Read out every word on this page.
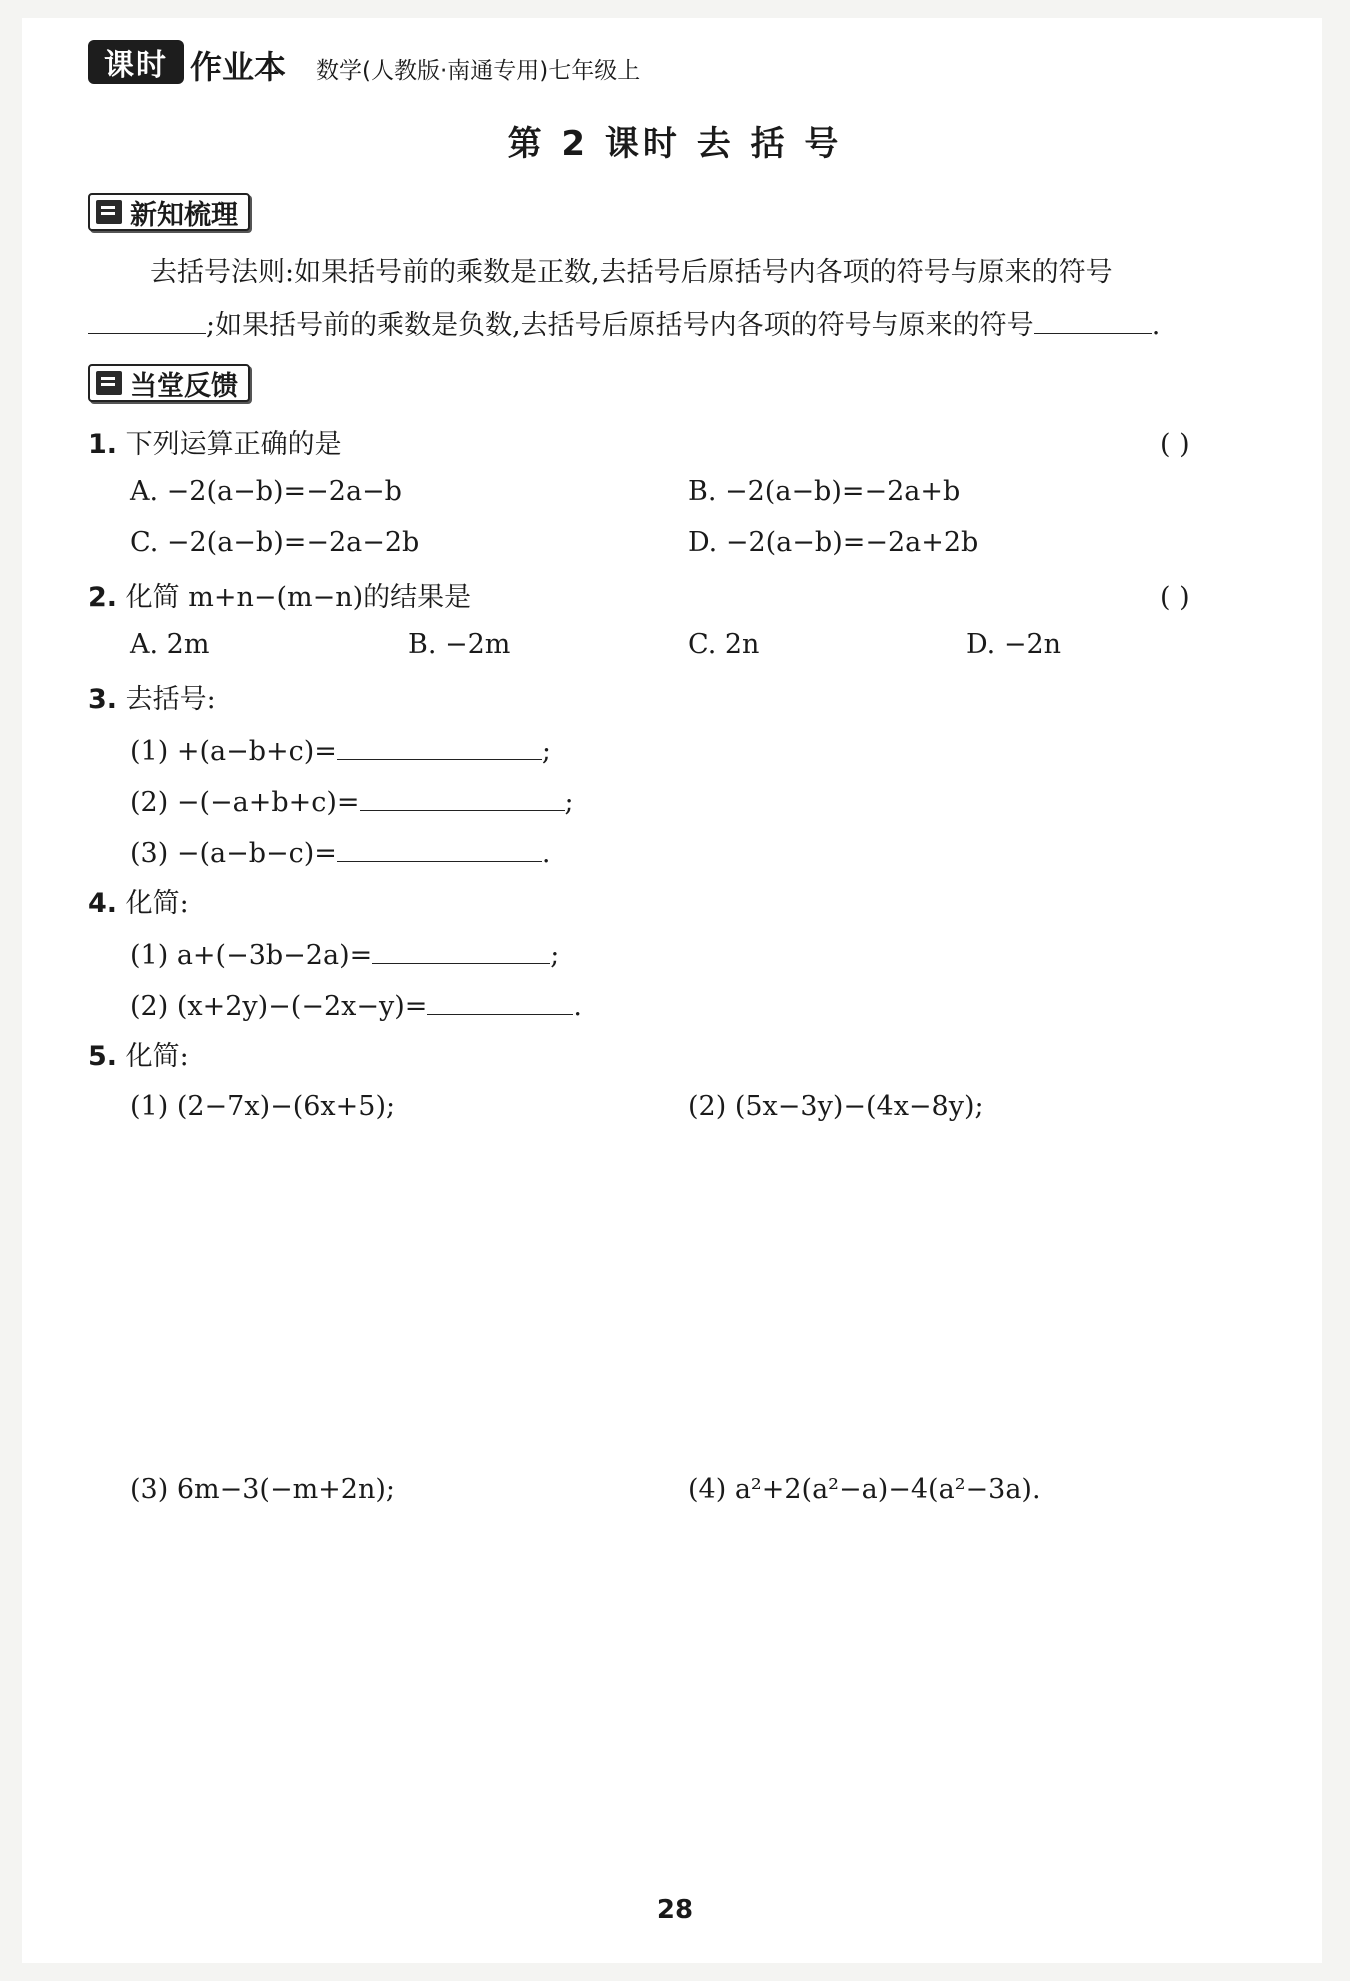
课时 作业本 数学(人教版·南通专用)七年级上
第 2 课时 去 括 号
新知梳理
去括号法则:如果括号前的乘数是正数,去括号后原括号内各项的符号与原来的符号
;如果括号前的乘数是负数,去括号后原括号内各项的符号与原来的符号	.
当堂反馈
1. 下列运算正确的是	( )
A. −2(a−b)=−2a−b	B. −2(a−b)=−2a+b
C. −2(a−b)=−2a−2b	D. −2(a−b)=−2a+2b
2. 化简 m+n−(m−n)的结果是	( )
A. 2m	B. −2m	C. 2n	D. −2n
3. 去括号:
(1) +(a−b+c)=	;
(2) −(−a+b+c)=	;
(3) −(a−b−c)=	.
4. 化简:
(1) a+(−3b−2a)=	;
(2) (x+2y)−(−2x−y)=	.
5. 化简:
(1) (2−7x)−(6x+5);	(2) (5x−3y)−(4x−8y);
(3) 6m−3(−m+2n);	(4) a²+2(a²−a)−4(a²−3a).
28
